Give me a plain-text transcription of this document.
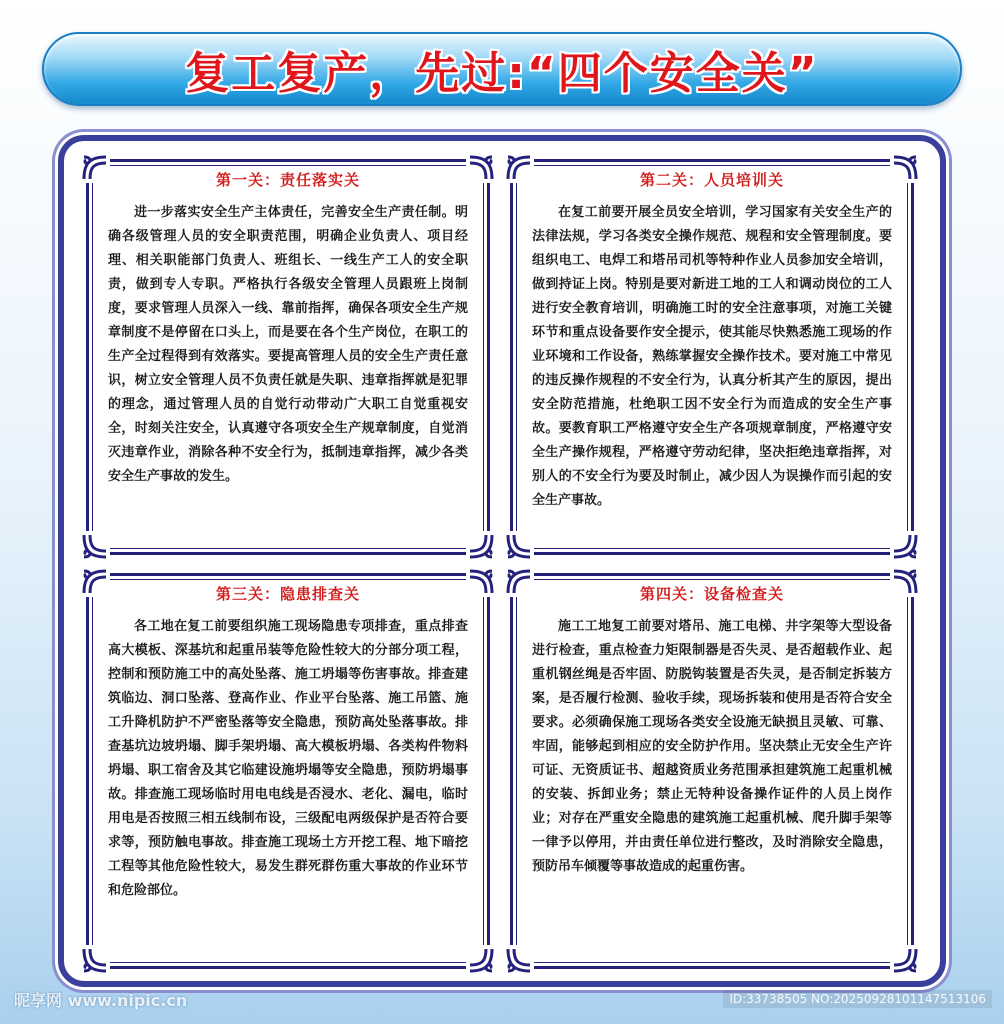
复工复产，先过:“四个安全关”
第一关：责任落实关
进一步落实安全生产主体责任，完善安全生产责任制。明确各级管理人员的安全职责范围，明确企业负责人、项目经理、相关职能部门负责人、班组长、一线生产工人的安全职责，做到专人专职。严格执行各级安全管理人员跟班上岗制度，要求管理人员深入一线、靠前指挥，确保各项安全生产规章制度不是停留在口头上，而是要在各个生产岗位，在职工的生产全过程得到有效落实。要提高管理人员的安全生产责任意识，树立安全管理人员不负责任就是失职、违章指挥就是犯罪的理念，通过管理人员的自觉行动带动广大职工自觉重视安全，时刻关注安全，认真遵守各项安全生产规章制度，自觉消灭违章作业，消除各种不安全行为，抵制违章指挥，减少各类安全生产事故的发生。
第二关：人员培训关
在复工前要开展全员安全培训，学习国家有关安全生产的法律法规，学习各类安全操作规范、规程和安全管理制度。要组织电工、电焊工和塔吊司机等特种作业人员参加安全培训，做到持证上岗。特别是要对新进工地的工人和调动岗位的工人进行安全教育培训，明确施工时的安全注意事项，对施工关键环节和重点设备要作安全提示，使其能尽快熟悉施工现场的作业环境和工作设备，熟练掌握安全操作技术。要对施工中常见的违反操作规程的不安全行为，认真分析其产生的原因，提出安全防范措施，杜绝职工因不安全行为而造成的安全生产事故。要教育职工严格遵守安全生产各项规章制度，严格遵守安全生产操作规程，严格遵守劳动纪律，坚决拒绝违章指挥，对别人的不安全行为要及时制止，减少因人为误操作而引起的安全生产事故。
第三关：隐患排查关
各工地在复工前要组织施工现场隐患专项排查，重点排查高大模板、深基坑和起重吊装等危险性较大的分部分项工程，控制和预防施工中的高处坠落、施工坍塌等伤害事故。排查建筑临边、洞口坠落、登高作业、作业平台坠落、施工吊篮、施工升降机防护不严密坠落等安全隐患，预防高处坠落事故。排查基坑边坡坍塌、脚手架坍塌、高大模板坍塌、各类构件物料坍塌、职工宿舍及其它临建设施坍塌等安全隐患，预防坍塌事故。排查施工现场临时用电电线是否浸水、老化、漏电，临时用电是否按照三相五线制布设，三级配电两级保护是否符合要求等，预防触电事故。排查施工现场土方开挖工程、地下暗挖工程等其他危险性较大，易发生群死群伤重大事故的作业环节和危险部位。
第四关：设备检查关
施工工地复工前要对塔吊、施工电梯、井字架等大型设备进行检查，重点检查力矩限制器是否失灵、是否超载作业、起重机钢丝绳是否牢固、防脱钩装置是否失灵，是否制定拆装方案，是否履行检测、验收手续，现场拆装和使用是否符合安全要求。必须确保施工现场各类安全设施无缺损且灵敏、可靠、牢固，能够起到相应的安全防护作用。坚决禁止无安全生产许可证、无资质证书、超越资质业务范围承担建筑施工起重机械的安装、拆卸业务；禁止无特种设备操作证件的人员上岗作业；对存在严重安全隐患的建筑施工起重机械、爬升脚手架等一律予以停用，并由责任单位进行整改，及时消除安全隐患，预防吊车倾覆等事故造成的起重伤害。
昵享网 www.nipic.cn	ID:33738505 NO:20250928101147513106
